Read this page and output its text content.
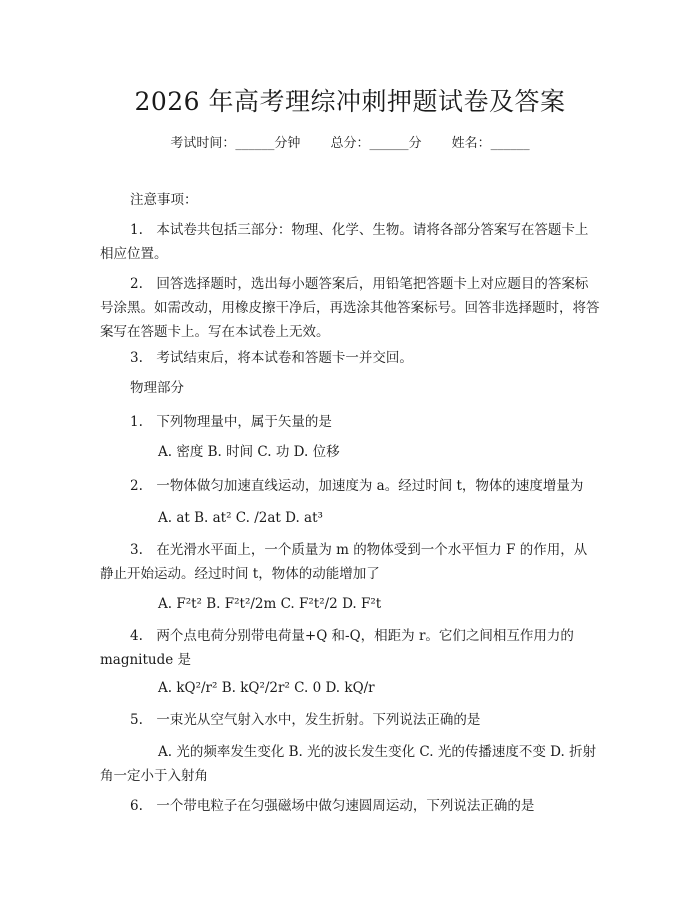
2026 年高考理综冲刺押题试卷及答案
考试时间：______分钟 总分：______分 姓名：______
注意事项：
1.　本试卷共包括三部分：物理、化学、生物。请将各部分答案写在答题卡上相应位置。
2.　回答选择题时，选出每小题答案后，用铅笔把答题卡上对应题目的答案标号涂黑。如需改动，用橡皮擦干净后，再选涂其他答案标号。回答非选择题时，将答案写在答题卡上。写在本试卷上无效。
3.　考试结束后，将本试卷和答题卡一并交回。
物理部分
1.　下列物理量中，属于矢量的是
A. 密度 B. 时间 C. 功 D. 位移
2.　一物体做匀加速直线运动，加速度为 a。经过时间 t，物体的速度增量为
A. at B. at² C. /2at D. at³
3.　在光滑水平面上，一个质量为 m 的物体受到一个水平恒力 F 的作用，从静止开始运动。经过时间 t，物体的动能增加了
A. F²t² B. F²t²/2m C. F²t²/2 D. F²t
4.　两个点电荷分别带电荷量+Q 和-Q，相距为 r。它们之间相互作用力的 magnitude 是
A. kQ²/r² B. kQ²/2r² C. 0 D. kQ/r
5.　一束光从空气射入水中，发生折射。下列说法正确的是
A. 光的频率发生变化 B. 光的波长发生变化 C. 光的传播速度不变 D. 折射角一定小于入射角
6.　一个带电粒子在匀强磁场中做匀速圆周运动，下列说法正确的是
